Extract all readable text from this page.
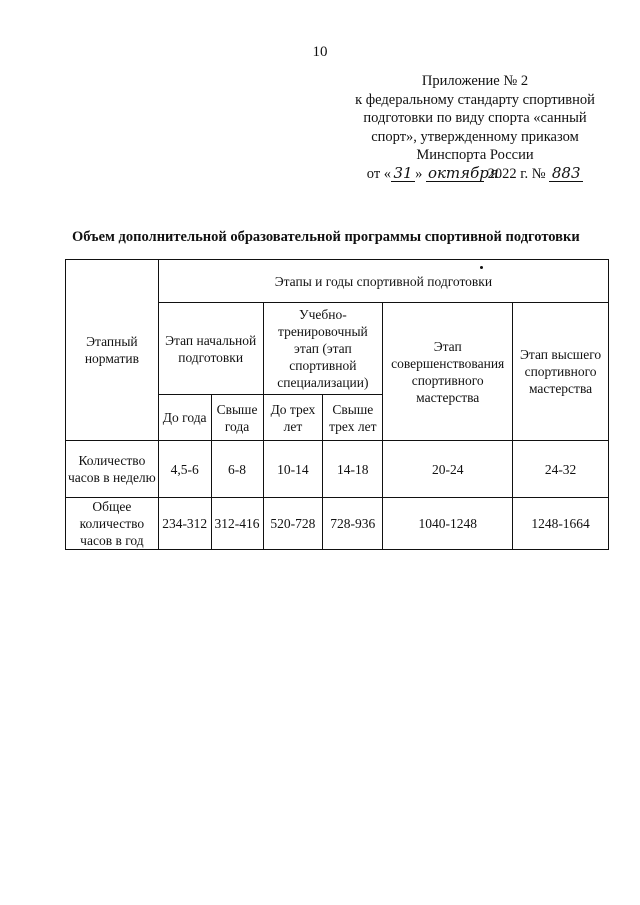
10
Приложение № 2
к федеральному стандарту спортивной
подготовки по виду спорта «санный
спорт», утвержденному приказом
Минспорта России
от « 31 » октября 2022 г. № 883
Объем дополнительной образовательной программы спортивной подготовки
Этапный норматив	Этапы и годы спортивной подготовки					
	Этап начальной подготовки		Учебно-тренировочный этап (этап спортивной специализации)		Этап совершенствования спортивного мастерства	Этап высшего спортивного мастерства
	До года	Свыше года	До трех лет	Свыше трех лет		
Количество часов в неделю	4,5-6	6-8	10-14	14-18	20-24	24-32
Общее количество часов в год	234-312	312-416	520-728	728-936	1040-1248	1248-1664
